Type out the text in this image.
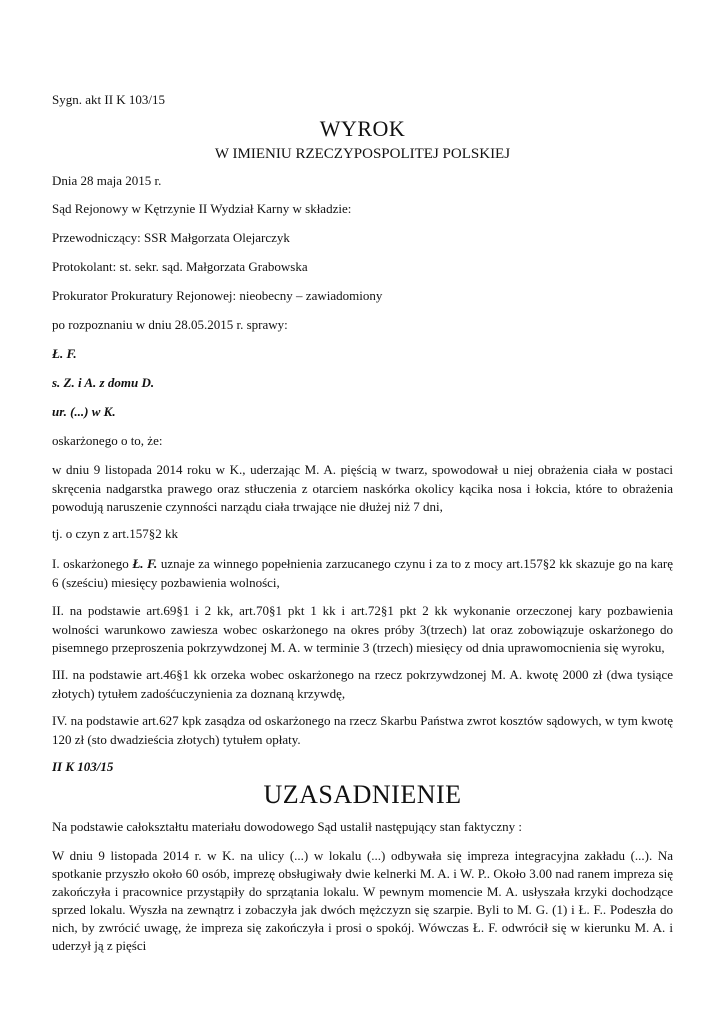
Sygn. akt II K 103/15
WYROK
W IMIENIU RZECZYPOSPOLITEJ POLSKIEJ
Dnia 28 maja 2015 r.
Sąd Rejonowy w Kętrzynie II Wydział Karny w składzie:
Przewodniczący: SSR Małgorzata Olejarczyk
Protokolant: st. sekr. sąd. Małgorzata Grabowska
Prokurator Prokuratury Rejonowej: nieobecny – zawiadomiony
po rozpoznaniu w dniu 28.05.2015 r. sprawy:
Ł. F.
s. Z. i A. z domu D.
ur. (...) w K.
oskarżonego o to, że:
w dniu 9 listopada 2014 roku w K., uderzając M. A. pięścią w twarz, spowodował u niej obrażenia ciała w postaci skręcenia nadgarstka prawego oraz stłuczenia z otarciem naskórka okolicy kącika nosa i łokcia, które to obrażenia powodują naruszenie czynności narządu ciała trwające nie dłużej niż 7 dni,
tj. o czyn z art.157§2 kk
I. oskarżonego Ł. F. uznaje za winnego popełnienia zarzucanego czynu i za to z mocy art.157§2 kk skazuje go na karę 6 (sześciu) miesięcy pozbawienia wolności,
II. na podstawie art.69§1 i 2 kk, art.70§1 pkt 1 kk i art.72§1 pkt 2 kk wykonanie orzeczonej kary pozbawienia wolności warunkowo zawiesza wobec oskarżonego na okres próby 3(trzech) lat oraz zobowiązuje oskarżonego do pisemnego przeproszenia pokrzywdzonej M. A. w terminie 3 (trzech) miesięcy od dnia uprawomocnienia się wyroku,
III. na podstawie art.46§1 kk orzeka wobec oskarżonego na rzecz pokrzywdzonej M. A. kwotę 2000 zł (dwa tysiące złotych) tytułem zadośćuczynienia za doznaną krzywdę,
IV. na podstawie art.627 kpk zasądza od oskarżonego na rzecz Skarbu Państwa zwrot kosztów sądowych, w tym kwotę 120 zł (sto dwadzieścia złotych) tytułem opłaty.
II K 103/15
UZASADNIENIE
Na podstawie całokształtu materiału dowodowego Sąd ustalił następujący stan faktyczny :
W dniu 9 listopada 2014 r. w K. na ulicy (...) w lokalu (...) odbywała się impreza integracyjna zakładu (...). Na spotkanie przyszło około 60 osób, imprezę obsługiwały dwie kelnerki M. A. i W. P.. Około 3.00 nad ranem impreza się zakończyła i pracownice przystąpiły do sprzątania lokalu. W pewnym momencie M. A. usłyszała krzyki dochodzące sprzed lokalu. Wyszła na zewnątrz i zobaczyła jak dwóch mężczyzn się szarpie. Byli to M. G. (1) i Ł. F.. Podeszła do nich, by zwrócić uwagę, że impreza się zakończyła i prosi o spokój. Wówczas Ł. F. odwrócił się w kierunku M. A. i uderzył ją z pięści
